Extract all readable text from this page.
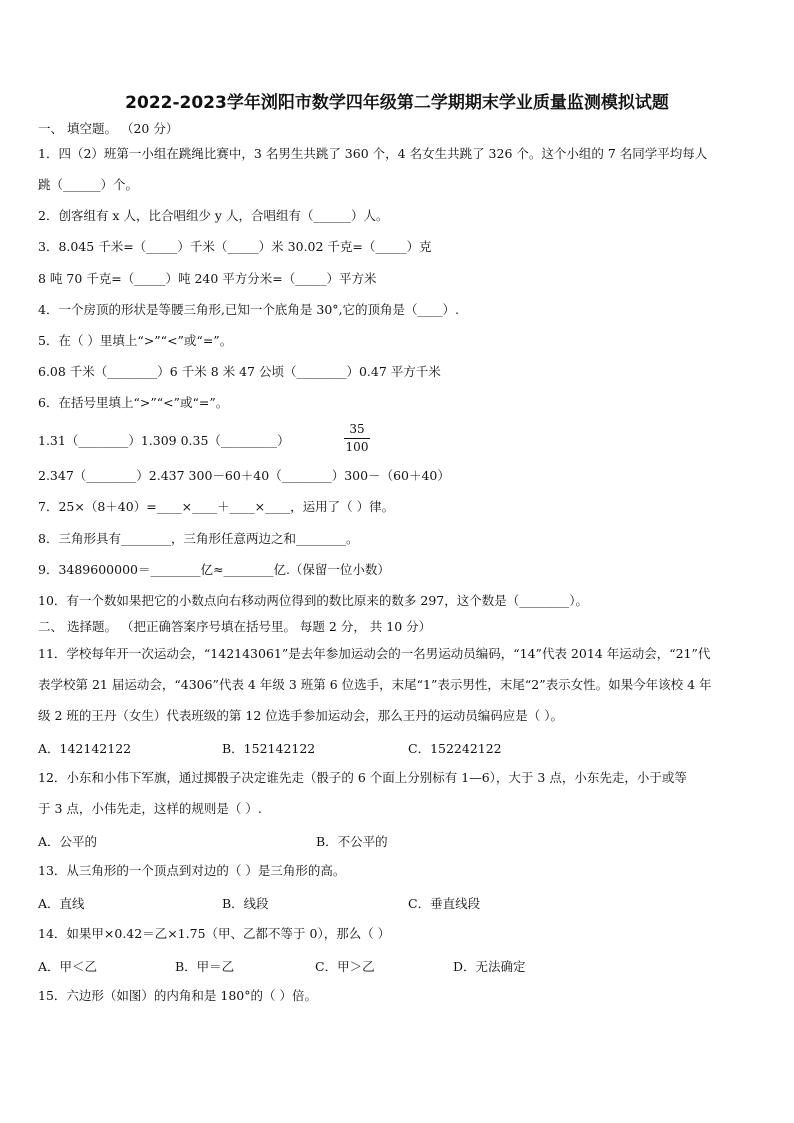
2022-2023学年浏阳市数学四年级第二学期期末学业质量监测模拟试题
一、 填空题。 （20 分）
1．四（2）班第一小组在跳绳比赛中，3 名男生共跳了 360 个，4 名女生共跳了 326 个。这个小组的 7 名同学平均每人
跳（______）个。
2．创客组有 x 人，比合唱组少 y 人，合唱组有（______）人。
3．8.045 千米=（_____）千米（_____）米 30.02 千克=（_____）克
8 吨 70 千克=（_____）吨 240 平方分米=（_____）平方米
4．一个房顶的形状是等腰三角形,已知一个底角是 30°,它的顶角是（____）.
5．在（ ）里填上“>”“<”或“=”。
6.08 千米（________）6 千米 8 米 47 公顷（________）0.47 平方千米
6．在括号里填上“>”“<”或“=”。
1.31（________）1.309 0.35（_________）
35
100
2.347（________）2.437 300－60＋40（________）300－（60＋40）
7．25×（8＋40）=____×____＋____×____，运用了（ ）律。
8．三角形具有________，三角形任意两边之和________。
9．3489600000＝________亿≈________亿.（保留一位小数）
10．有一个数如果把它的小数点向右移动两位得到的数比原来的数多 297，这个数是（________）。
二、 选择题。 （把正确答案序号填在括号里。 每题 2 分， 共 10 分）
11．学校每年开一次运动会，“142143061”是去年参加运动会的一名男运动员编码，“14”代表 2014 年运动会，“21”代
表学校第 21 届运动会，“4306”代表 4 年级 3 班第 6 位选手，末尾“1”表示男性，末尾“2”表示女性。如果今年该校 4 年
级 2 班的王丹（女生）代表班级的第 12 位选手参加运动会，那么王丹的运动员编码应是（ ）。
A．142142122	B．152142122	C．152242122
12．小东和小伟下军旗，通过掷骰子决定谁先走（骰子的 6 个面上分别标有 1—6），大于 3 点，小东先走，小于或等
于 3 点，小伟先走，这样的规则是（ ）.
A．公平的	B．不公平的
13．从三角形的一个顶点到对边的（ ）是三角形的高。
A．直线	B．线段	C．垂直线段
14．如果甲×0.42＝乙×1.75（甲、乙都不等于 0），那么（ ）
A．甲＜乙	B．甲＝乙	C．甲＞乙	D．无法确定
15．六边形（如图）的内角和是 180°的（ ）倍。
